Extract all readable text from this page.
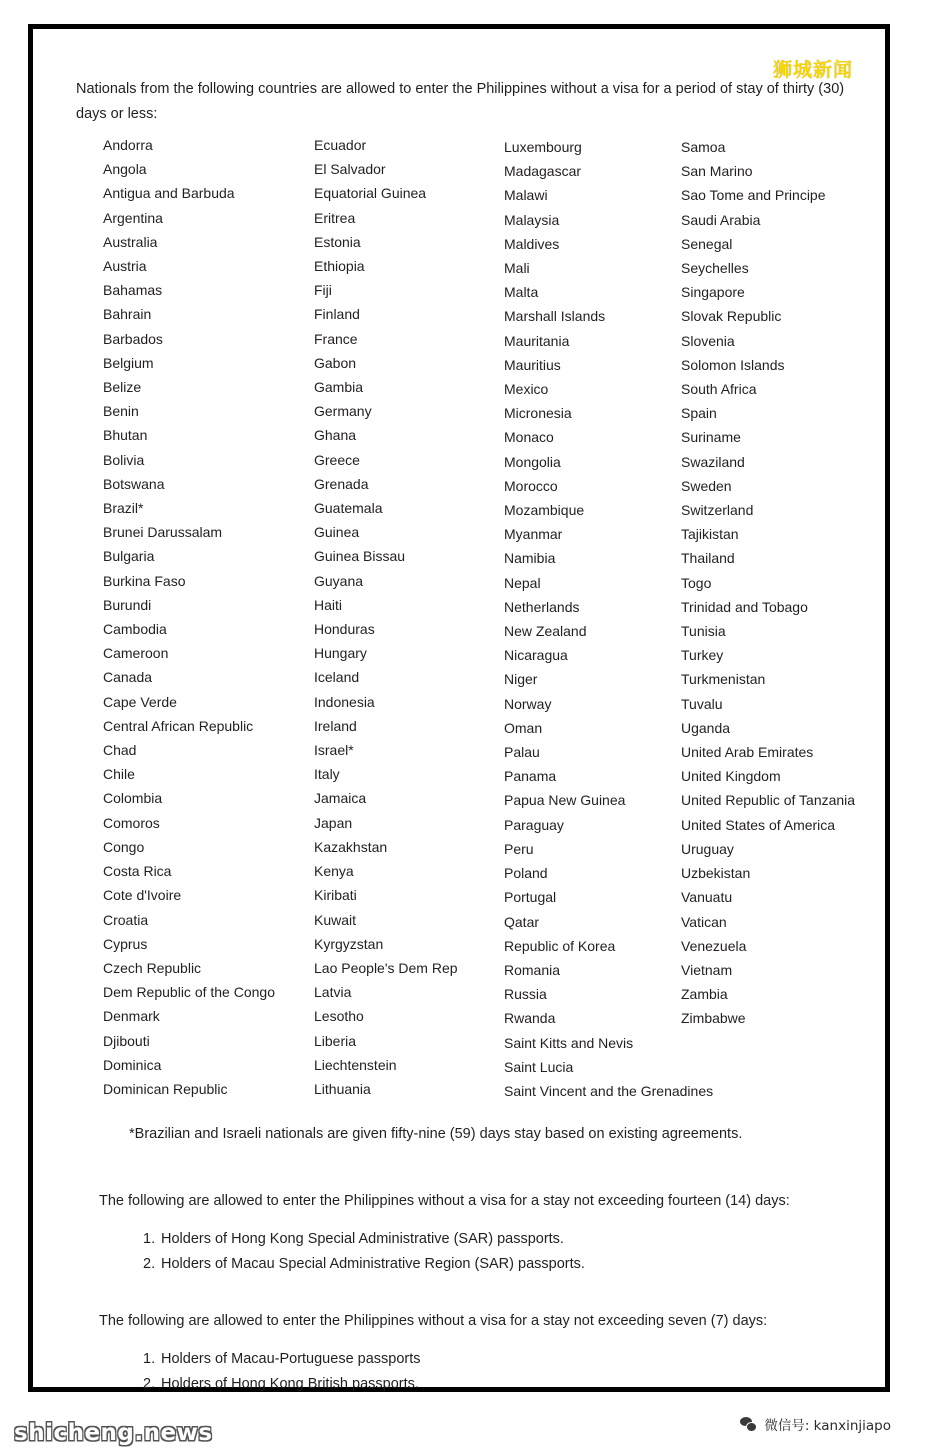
狮城新闻
Nationals from the following countries are allowed to enter the Philippines without a visa for a period of stay of thirty (30) days or less:
Andorra
Angola
Antigua and Barbuda
Argentina
Australia
Austria
Bahamas
Bahrain
Barbados
Belgium
Belize
Benin
Bhutan
Bolivia
Botswana
Brazil*
Brunei Darussalam
Bulgaria
Burkina Faso
Burundi
Cambodia
Cameroon
Canada
Cape Verde
Central African Republic
Chad
Chile
Colombia
Comoros
Congo
Costa Rica
Cote d'Ivoire
Croatia
Cyprus
Czech Republic
Dem Republic of the Congo
Denmark
Djibouti
Dominica
Dominican Republic
Ecuador
El Salvador
Equatorial Guinea
Eritrea
Estonia
Ethiopia
Fiji
Finland
France
Gabon
Gambia
Germany
Ghana
Greece
Grenada
Guatemala
Guinea
Guinea Bissau
Guyana
Haiti
Honduras
Hungary
Iceland
Indonesia
Ireland
Israel*
Italy
Jamaica
Japan
Kazakhstan
Kenya
Kiribati
Kuwait
Kyrgyzstan
Lao People's Dem Rep
Latvia
Lesotho
Liberia
Liechtenstein
Lithuania
Luxembourg
Madagascar
Malawi
Malaysia
Maldives
Mali
Malta
Marshall Islands
Mauritania
Mauritius
Mexico
Micronesia
Monaco
Mongolia
Morocco
Mozambique
Myanmar
Namibia
Nepal
Netherlands
New Zealand
Nicaragua
Niger
Norway
Oman
Palau
Panama
Papua New Guinea
Paraguay
Peru
Poland
Portugal
Qatar
Republic of Korea
Romania
Russia
Rwanda
Saint Kitts and Nevis
Saint Lucia
Saint Vincent and the Grenadines
Samoa
San Marino
Sao Tome and Principe
Saudi Arabia
Senegal
Seychelles
Singapore
Slovak Republic
Slovenia
Solomon Islands
South Africa
Spain
Suriname
Swaziland
Sweden
Switzerland
Tajikistan
Thailand
Togo
Trinidad and Tobago
Tunisia
Turkey
Turkmenistan
Tuvalu
Uganda
United Arab Emirates
United Kingdom
United Republic of Tanzania
United States of America
Uruguay
Uzbekistan
Vanuatu
Vatican
Venezuela
Vietnam
Zambia
Zimbabwe
*Brazilian and Israeli nationals are given fifty-nine (59) days stay based on existing agreements.
The following are allowed to enter the Philippines without a visa for a stay not exceeding fourteen (14) days:
1. Holders of Hong Kong Special Administrative (SAR) passports.
2. Holders of Macau Special Administrative Region (SAR) passports.
The following are allowed to enter the Philippines without a visa for a stay not exceeding seven (7) days:
1. Holders of Macau-Portuguese passports
2. Holders of Hong Kong British passports.
微信号: kanxinjiapo
shicheng.news
